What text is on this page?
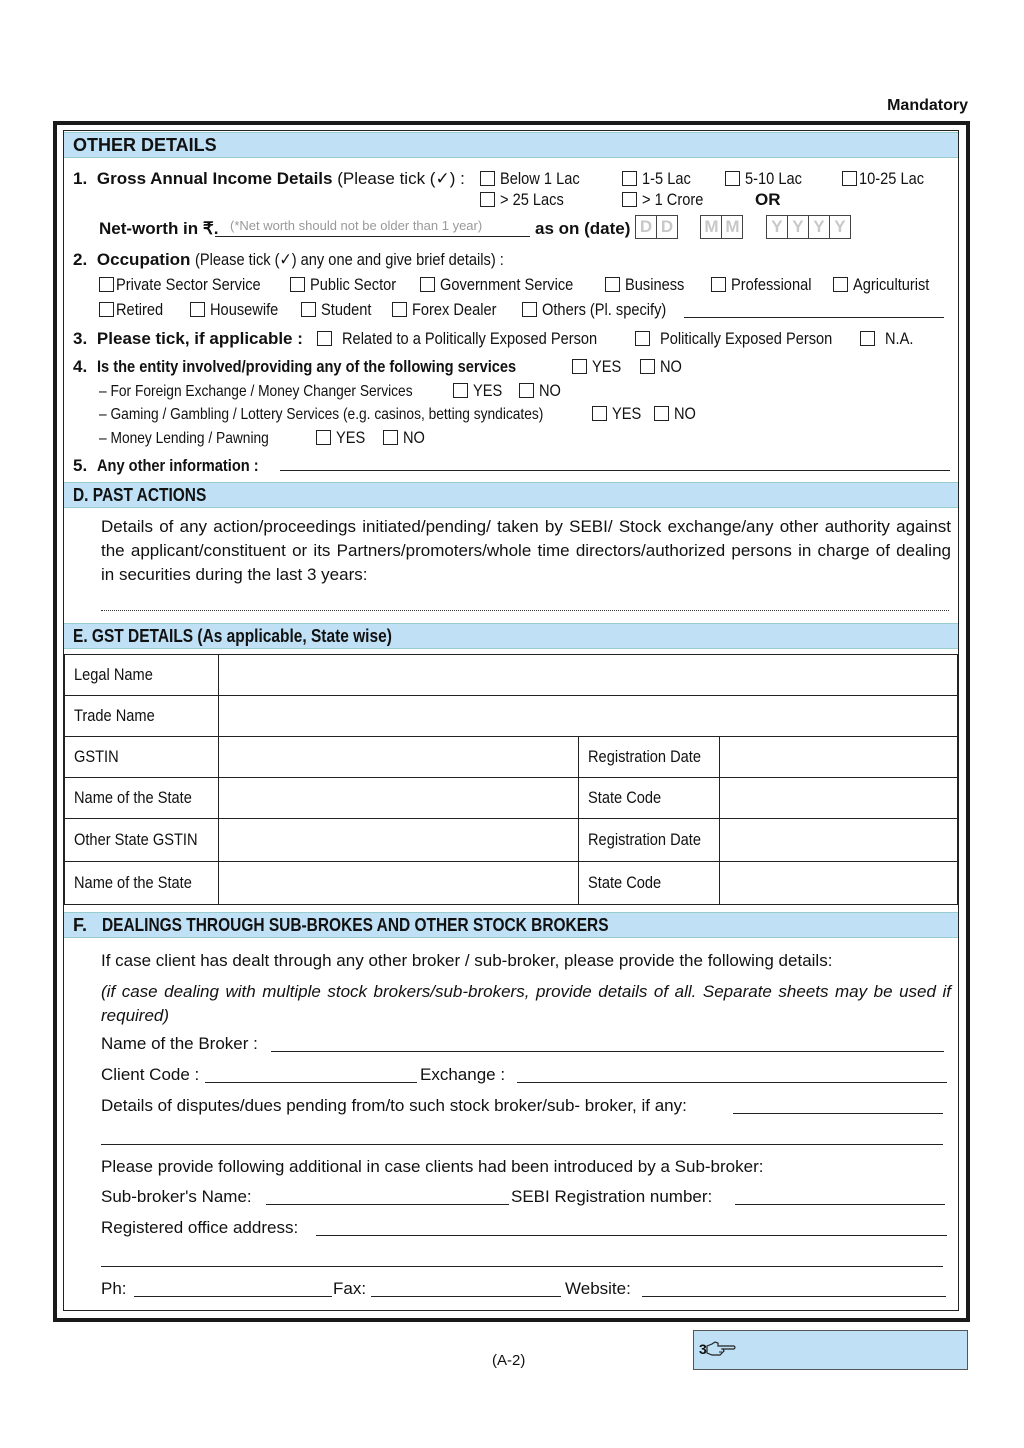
Mandatory
OTHER DETAILS
1. Gross Annual Income Details (Please tick (✓) :	Below 1 Lac	1-5 Lac	5-10 Lac	10-25 Lac
> 25 Lacs	> 1 Crore	OR
Net-worth in ₹. (*Net worth should not be older than 1 year)	as on (date) D D M M Y Y Y Y
2. Occupation (Please tick (✓) any one and give brief details) :
Private Sector Service	Public Sector	Government Service	Business	Professional	Agriculturist
Retired	Housewife	Student	Forex Dealer	Others (Pl. specify)
3. Please tick, if applicable :	Related to a Politically Exposed Person	Politically Exposed Person	N.A.
4. Is the entity involved/providing any of the following services	YES	NO
– For Foreign Exchange / Money Changer Services	YES	NO
– Gaming / Gambling / Lottery Services (e.g. casinos, betting syndicates)	YES	NO
– Money Lending / Pawning	YES	NO
5. Any other information :
D. PAST ACTIONS
Details of any action/proceedings initiated/pending/ taken by SEBI/ Stock exchange/any other authority against the applicant/constituent or its Partners/promoters/whole time directors/authorized persons in charge of dealing in securities during the last 3 years:
E. GST DETAILS (As applicable, State wise)
Legal Name			
Trade Name			
GSTIN		Registration Date	
Name of the State		State Code	
Other State GSTIN		Registration Date	
Name of the State		State Code	
F. DEALINGS THROUGH SUB-BROKES AND OTHER STOCK BROKERS
If case client has dealt through any other broker / sub-broker, please provide the following details:
(if case dealing with multiple stock brokers/sub-brokers, provide details of all. Separate sheets may be used if required)
Name of the Broker :
Client Code :	Exchange :
Details of disputes/dues pending from/to such stock broker/sub- broker, if any:
Please provide following additional in case clients had been introduced by a Sub-broker:
Sub-broker's Name:	SEBI Registration number:
Registered office address:
Ph:	Fax:	Website:
(A-2)
3
